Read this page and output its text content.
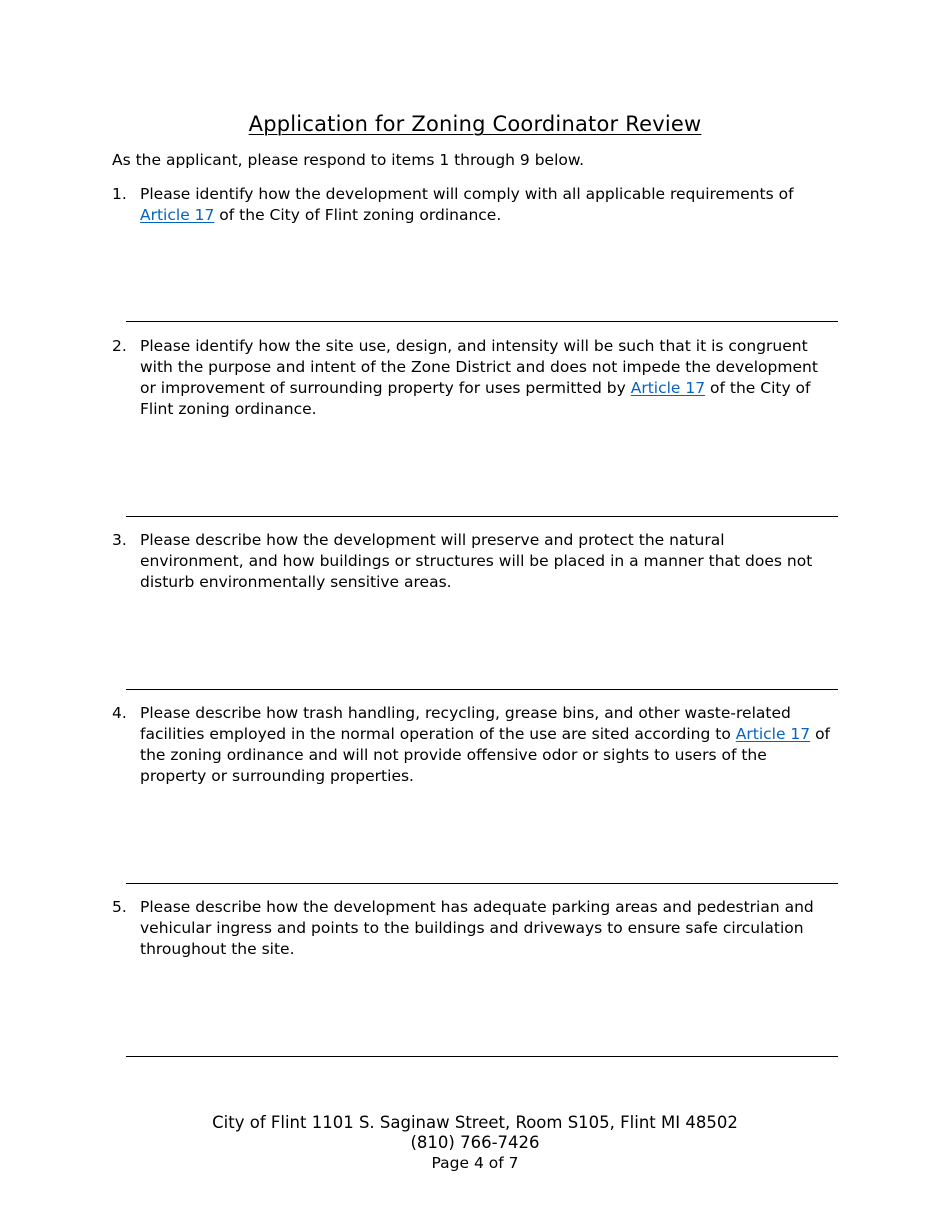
Application for Zoning Coordinator Review
As the applicant, please respond to items 1 through 9 below.
1. Please identify how the development will comply with all applicable requirements of Article 17 of the City of Flint zoning ordinance.
2. Please identify how the site use, design, and intensity will be such that it is congruent with the purpose and intent of the Zone District and does not impede the development or improvement of surrounding property for uses permitted by Article 17 of the City of Flint zoning ordinance.
3. Please describe how the development will preserve and protect the natural environment, and how buildings or structures will be placed in a manner that does not disturb environmentally sensitive areas.
4. Please describe how trash handling, recycling, grease bins, and other waste-related facilities employed in the normal operation of the use are sited according to Article 17 of the zoning ordinance and will not provide offensive odor or sights to users of the property or surrounding properties.
5. Please describe how the development has adequate parking areas and pedestrian and vehicular ingress and points to the buildings and driveways to ensure safe circulation throughout the site.
City of Flint 1101 S. Saginaw Street, Room S105, Flint MI 48502
(810) 766-7426
Page 4 of 7
